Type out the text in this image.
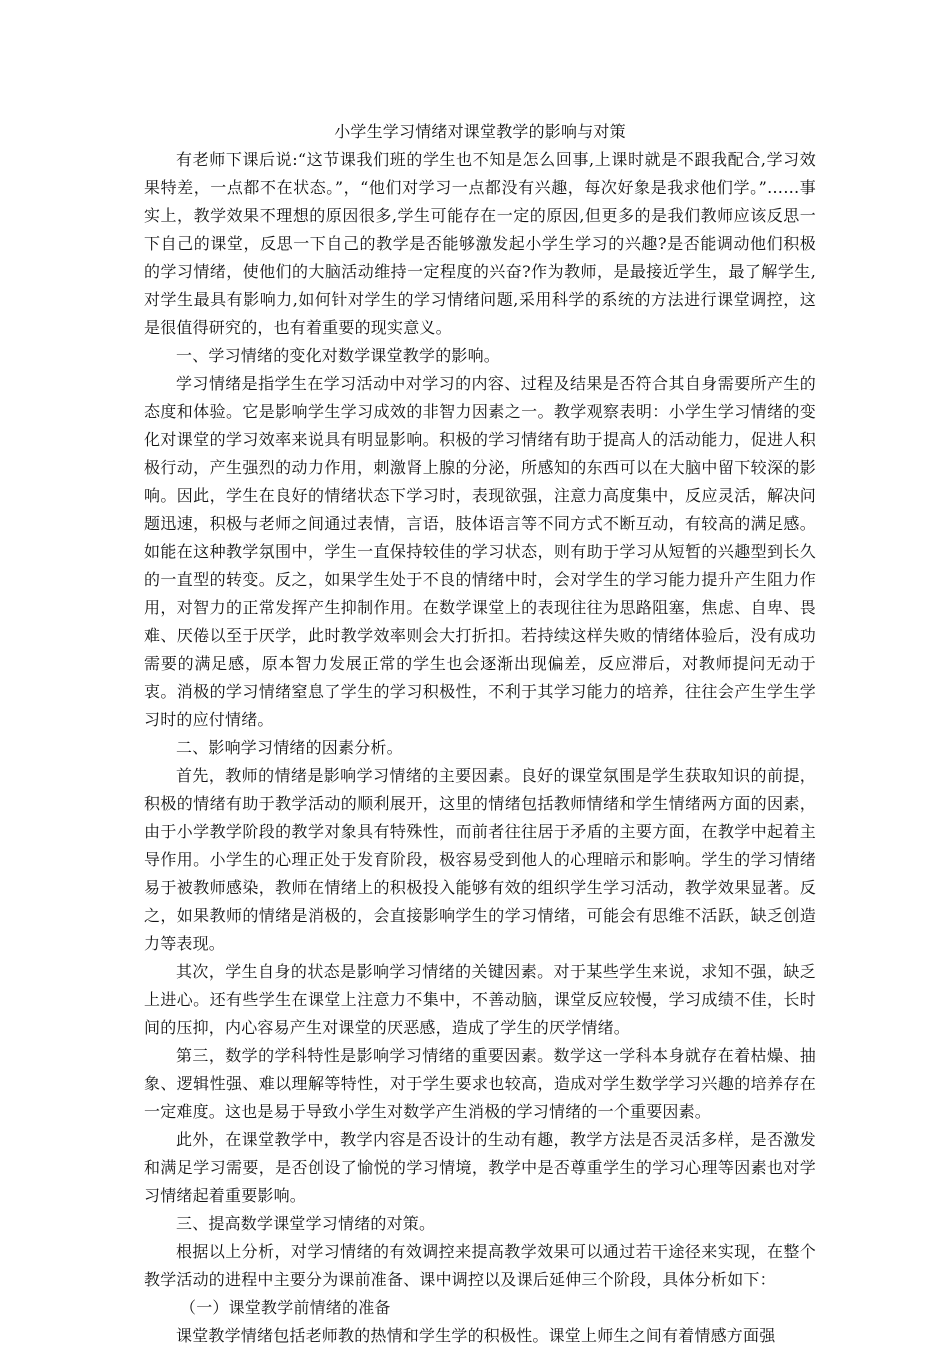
小学生学习情绪对课堂教学的影响与对策

有老师下课后说:“这节课我们班的学生也不知是怎么回事,上课时就是不跟我配合,学习效果特差，一点都不在状态。”，“他们对学习一点都没有兴趣，每次好象是我求他们学。”……事实上，教学效果不理想的原因很多,学生可能存在一定的原因,但更多的是我们教师应该反思一下自己的课堂，反思一下自己的教学是否能够激发起小学生学习的兴趣?是否能调动他们积极的学习情绪，使他们的大脑活动维持一定程度的兴奋?作为教师，是最接近学生，最了解学生,对学生最具有影响力,如何针对学生的学习情绪问题,采用科学的系统的方法进行课堂调控，这是很值得研究的，也有着重要的现实意义。

一、学习情绪的变化对数学课堂教学的影响。

学习情绪是指学生在学习活动中对学习的内容、过程及结果是否符合其自身需要所产生的态度和体验。它是影响学生学习成效的非智力因素之一。教学观察表明：小学生学习情绪的变化对课堂的学习效率来说具有明显影响。积极的学习情绪有助于提高人的活动能力，促进人积极行动，产生强烈的动力作用，刺激肾上腺的分泌，所感知的东西可以在大脑中留下较深的影响。因此，学生在良好的情绪状态下学习时，表现欲强，注意力高度集中，反应灵活，解决问题迅速，积极与老师之间通过表情，言语，肢体语言等不同方式不断互动，有较高的满足感。如能在这种教学氛围中，学生一直保持较佳的学习状态，则有助于学习从短暂的兴趣型到长久的一直型的转变。反之，如果学生处于不良的情绪中时，会对学生的学习能力提升产生阻力作用，对智力的正常发挥产生抑制作用。在数学课堂上的表现往往为思路阻塞，焦虑、自卑、畏难、厌倦以至于厌学，此时教学效率则会大打折扣。若持续这样失败的情绪体验后，没有成功需要的满足感，原本智力发展正常的学生也会逐渐出现偏差，反应滞后，对教师提问无动于衷。消极的学习情绪窒息了学生的学习积极性，不利于其学习能力的培养，往往会产生学生学习时的应付情绪。

二、影响学习情绪的因素分析。

首先，教师的情绪是影响学习情绪的主要因素。良好的课堂氛围是学生获取知识的前提，积极的情绪有助于教学活动的顺利展开，这里的情绪包括教师情绪和学生情绪两方面的因素，由于小学教学阶段的教学对象具有特殊性，而前者往往居于矛盾的主要方面，在教学中起着主导作用。小学生的心理正处于发育阶段，极容易受到他人的心理暗示和影响。学生的学习情绪易于被教师感染，教师在情绪上的积极投入能够有效的组织学生学习活动，教学效果显著。反之，如果教师的情绪是消极的，会直接影响学生的学习情绪，可能会有思维不活跃，缺乏创造力等表现。

其次，学生自身的状态是影响学习情绪的关键因素。对于某些学生来说，求知不强，缺乏上进心。还有些学生在课堂上注意力不集中，不善动脑，课堂反应较慢，学习成绩不佳，长时间的压抑，内心容易产生对课堂的厌恶感，造成了学生的厌学情绪。

第三，数学的学科特性是影响学习情绪的重要因素。数学这一学科本身就存在着枯燥、抽象、逻辑性强、难以理解等特性，对于学生要求也较高，造成对学生数学学习兴趣的培养存在一定难度。这也是易于导致小学生对数学产生消极的学习情绪的一个重要因素。

此外，在课堂教学中，教学内容是否设计的生动有趣，教学方法是否灵活多样，是否激发和满足学习需要，是否创设了愉悦的学习情境，教学中是否尊重学生的学习心理等因素也对学习情绪起着重要影响。

三、提高数学课堂学习情绪的对策。

根据以上分析，对学习情绪的有效调控来提高教学效果可以通过若干途径来实现，在整个教学活动的进程中主要分为课前准备、课中调控以及课后延伸三个阶段，具体分析如下：

（一）课堂教学前情绪的准备

课堂教学情绪包括老师教的热情和学生学的积极性。课堂上师生之间有着情感方面强
